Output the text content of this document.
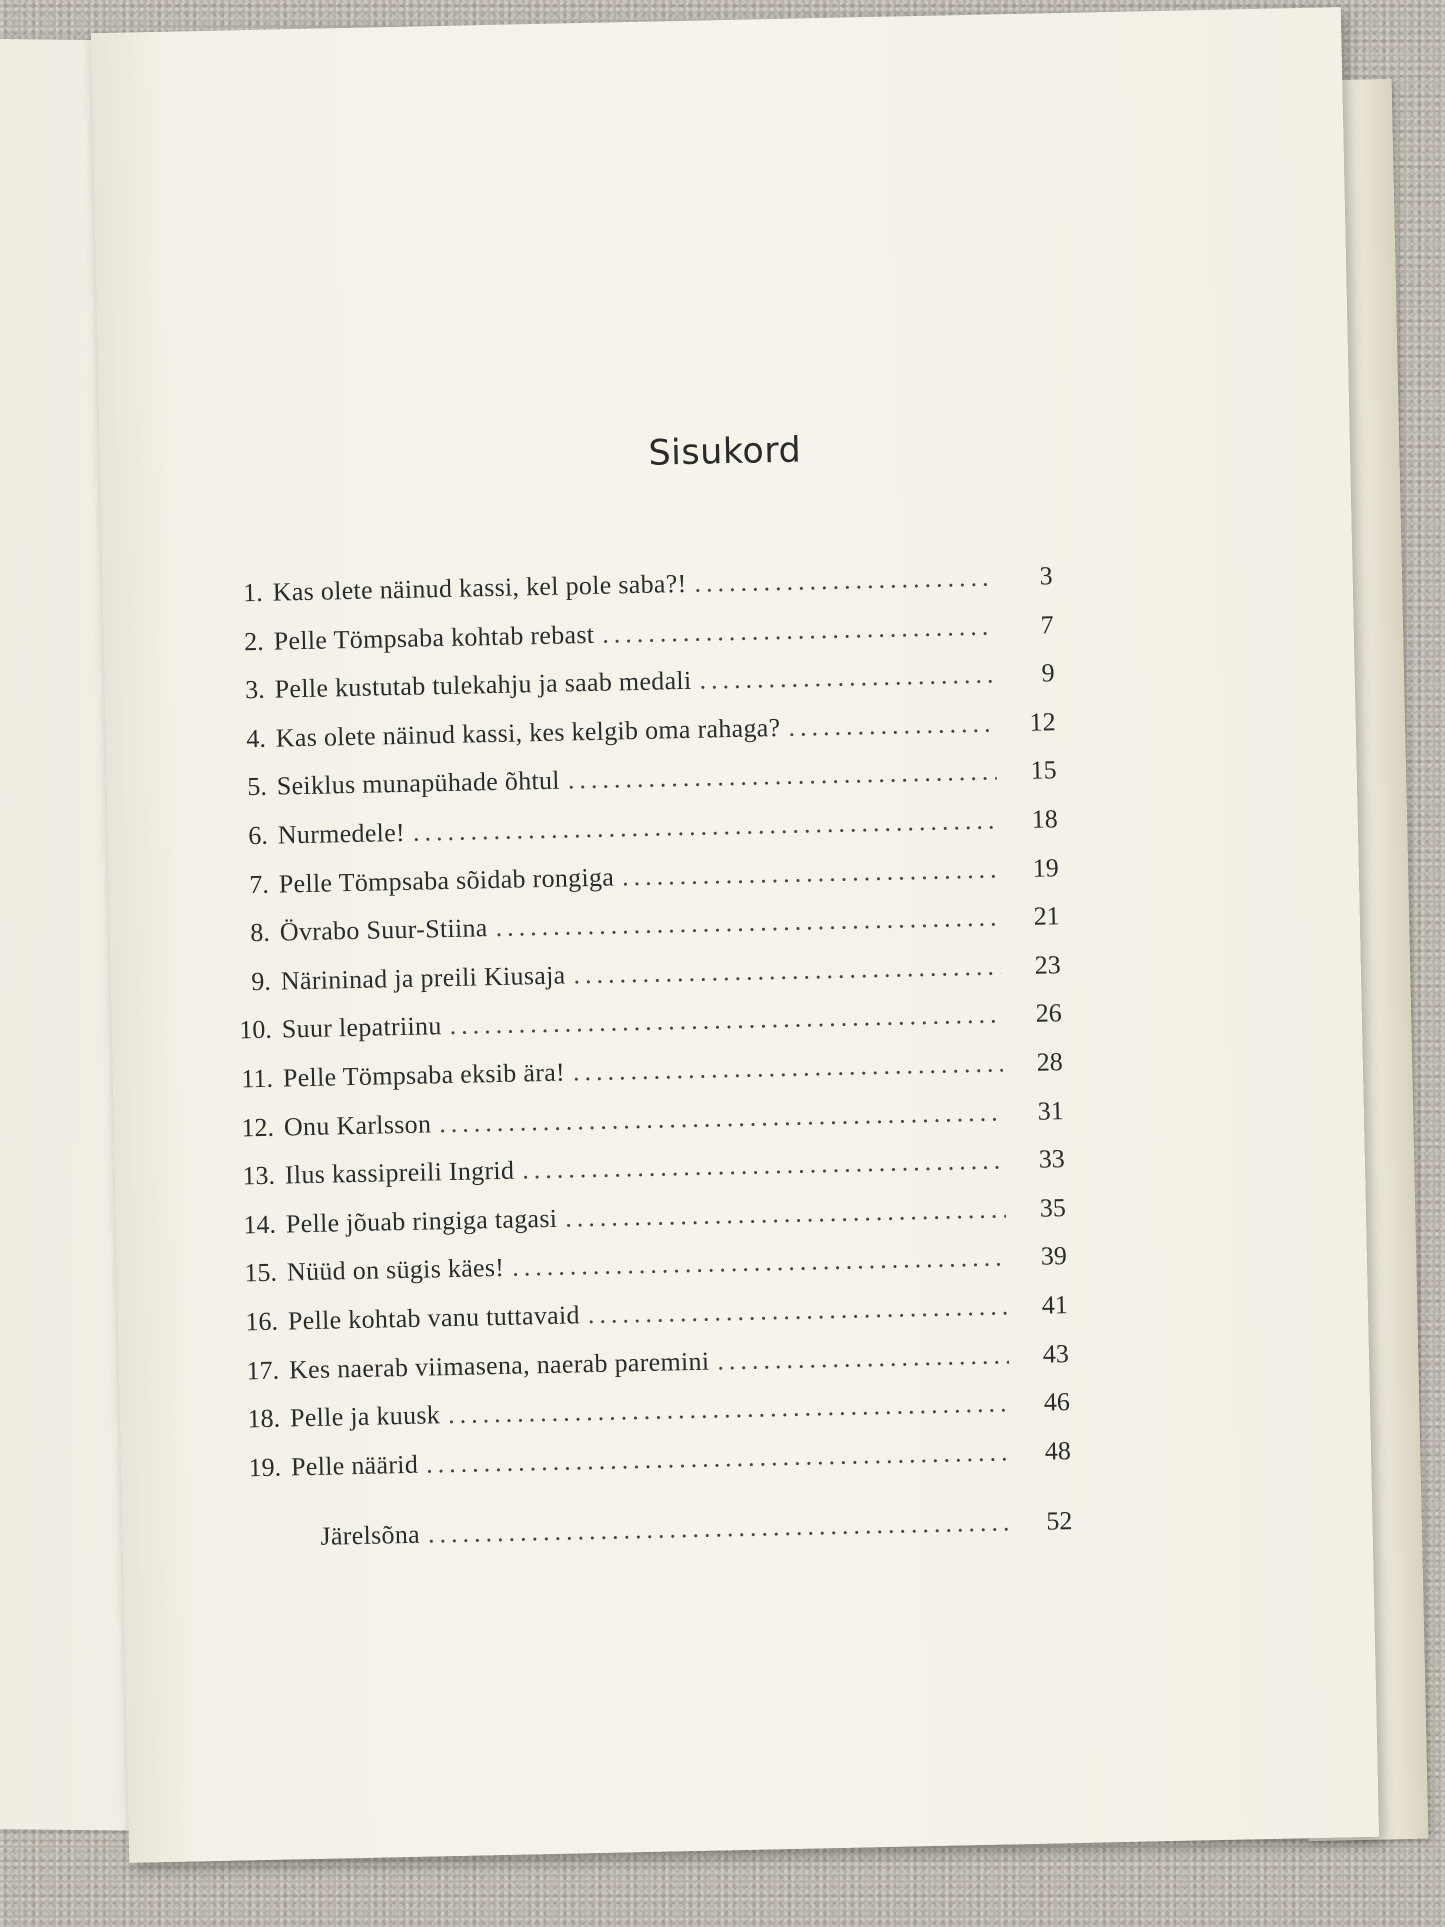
Sisukord
1. Kas olete näinud kassi, kel pole saba?! .....	3
2. Pelle Tömpsaba kohtab rebast .....	7
3. Pelle kustutab tulekahju ja saab medali .....	9
4. Kas olete näinud kassi, kes kelgib oma rahaga? .....	12
5. Seiklus munapühade õhtul .....	15
6. Nurmedele! .....	18
7. Pelle Tömpsaba sõidab rongiga .....	19
8. Övrabo Suur-Stiina .....	21
9. Närininad ja preili Kiusaja .....	23
10. Suur lepatriinu .....	26
11. Pelle Tömpsaba eksib ära! .....	28
12. Onu Karlsson .....	31
13. Ilus kassipreili Ingrid .....	33
14. Pelle jõuab ringiga tagasi .....	35
15. Nüüd on sügis käes! .....	39
16. Pelle kohtab vanu tuttavaid .....	41
17. Kes naerab viimasena, naerab paremini .....	43
18. Pelle ja kuusk .....	46
19. Pelle näärid .....	48
Järelsõna .....	52
